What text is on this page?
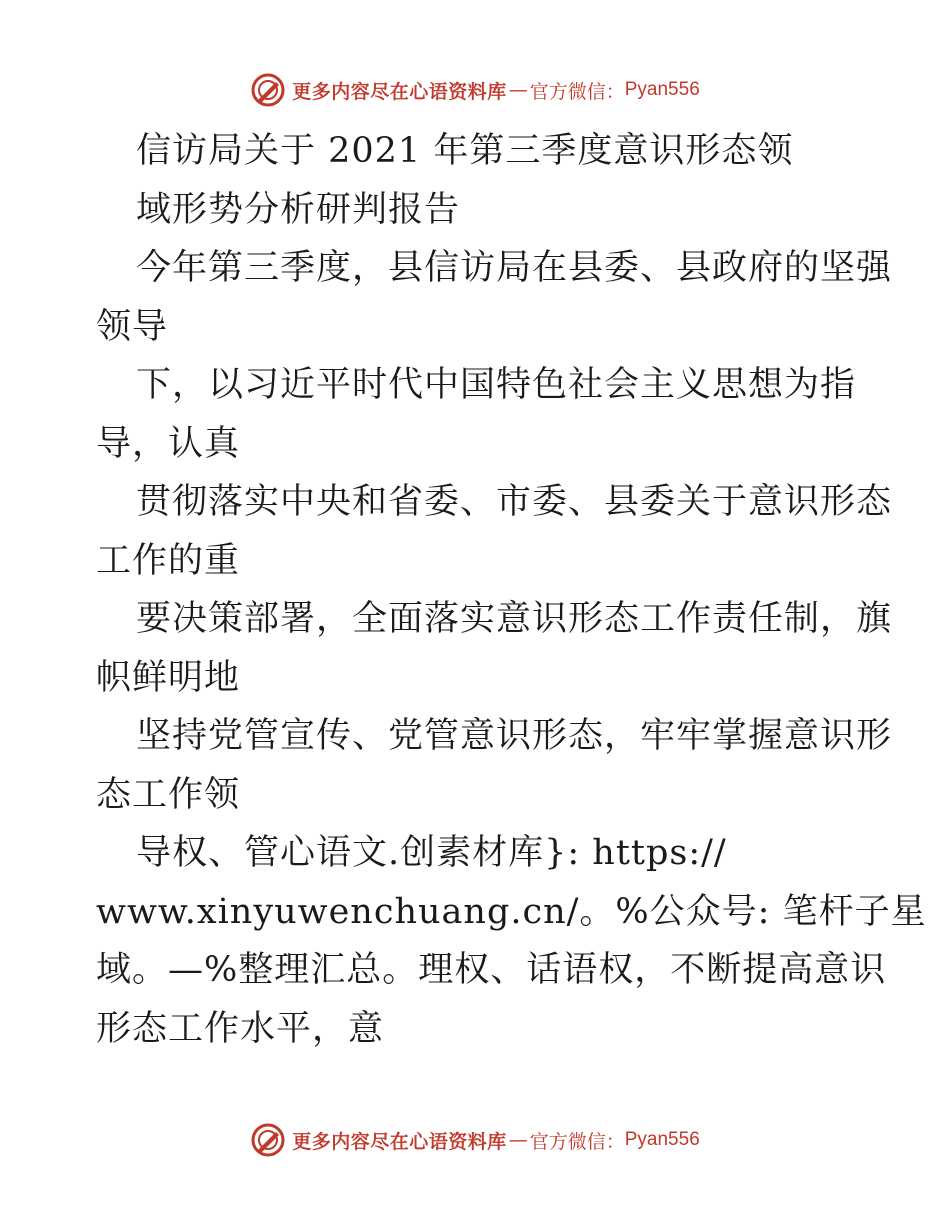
更多内容尽在心语资料库 — 官方微信： Pyan556
信访局关于 2021 年第三季度意识形态领
域形势分析研判报告
今年第三季度，县信访局在县委、县政府的坚强
领导
下，以习近平时代中国特色社会主义思想为指
导，认真
贯彻落实中央和省委、市委、县委关于意识形态
工作的重
要决策部署，全面落实意识形态工作责任制，旗
帜鲜明地
坚持党管宣传、党管意识形态，牢牢掌握意识形
态工作领
导权、管心语文.创素材库}: https://
www.xinyuwenchuang.cn/。%公众号: 笔杆子星
域。—%整理汇总。理权、话语权，不断提高意识
形态工作水平，意
更多内容尽在心语资料库 — 官方微信： Pyan556
